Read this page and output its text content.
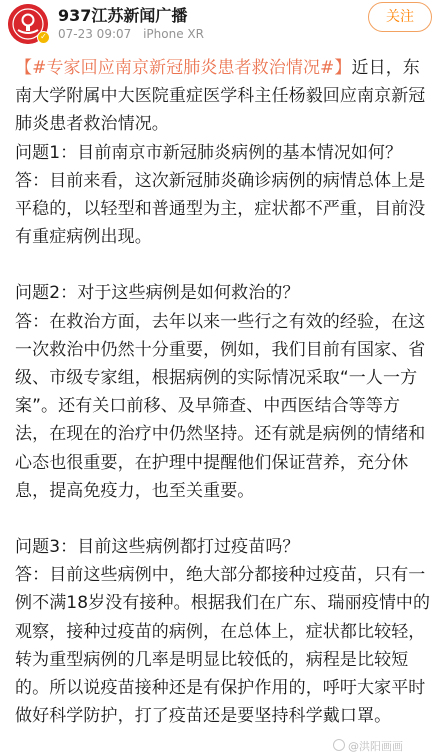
✓
937江苏新闻广播
07-23 09:07 iPhone XR
关注

【#专家回应南京新冠肺炎患者救治情况#】近日，东南大学附属中大医院重症医学科主任杨毅回应南京新冠肺炎患者救治情况。

问题1：目前南京市新冠肺炎病例的基本情况如何？

答：目前来看，这次新冠肺炎确诊病例的病情总体上是平稳的，以轻型和普通型为主，症状都不严重，目前没有重症病例出现。

问题2：对于这些病例是如何救治的？

答：在救治方面，去年以来一些行之有效的经验，在这一次救治中仍然十分重要，例如，我们目前有国家、省级、市级专家组，根据病例的实际情况采取“一人一方案”。还有关口前移、及早筛查、中西医结合等等方法，在现在的治疗中仍然坚持。还有就是病例的情绪和心态也很重要，在护理中提醒他们保证营养，充分休息，提高免疫力，也至关重要。

问题3：目前这些病例都打过疫苗吗？

答：目前这些病例中，绝大部分都接种过疫苗，只有一例不满18岁没有接种。根据我们在广东、瑞丽疫情中的观察，接种过疫苗的病例，在总体上，症状都比较轻，转为重型病例的几率是明显比较低的，病程是比较短的。所以说疫苗接种还是有保护作用的，呼吁大家平时做好科学防护，打了疫苗还是要坚持科学戴口罩。

@洪阳画画
